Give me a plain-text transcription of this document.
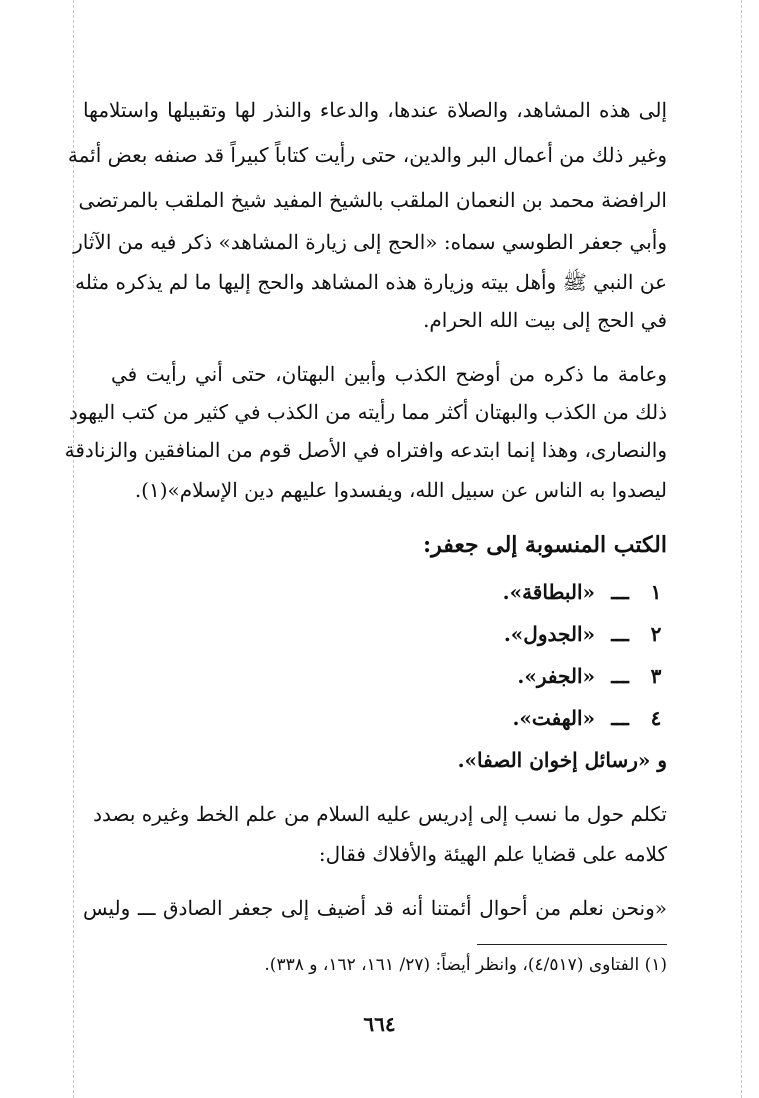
إلى هذه المشاهد، والصلاة عندها، والدعاء والنذر لها وتقبيلها واستلامها
وغير ذلك من أعمال البر والدين، حتى رأيت كتاباً كبيراً قد صنفه بعض أئمة
الرافضة محمد بن النعمان الملقب بالشيخ المفيد شيخ الملقب بالمرتضى
وأبي جعفر الطوسي سماه: «الحج إلى زيارة المشاهد» ذكر فيه من الآثار
عن النبي ﷺ وأهل بيته وزيارة هذه المشاهد والحج إليها ما لم يذكره مثله
في الحج إلى بيت الله الحرام.
وعامة ما ذكره من أوضح الكذب وأبين البهتان، حتى أني رأيت في
ذلك من الكذب والبهتان أكثر مما رأيته من الكذب في كثير من كتب اليهود
والنصارى، وهذا إنما ابتدعه وافتراه في الأصل قوم من المنافقين والزنادقة
ليصدوا به الناس عن سبيل الله، ويفسدوا عليهم دين الإسلام»(١).
الكتب المنسوبة إلى جعفر:
١ ـــ «البطاقة».
٢ ـــ «الجدول».
٣ ـــ «الجفر».
٤ ـــ «الهفت».
و «رسائل إخوان الصفا».
تكلم حول ما نسب إلى إدريس عليه السلام من علم الخط وغيره بصدد
كلامه على قضايا علم الهيئة والأفلاك فقال:
«ونحن نعلم من أحوال أئمتنا أنه قد أضيف إلى جعفر الصادق ـــ وليس
(١) الفتاوى (٤/٥١٧)، وانظر أيضاً: (٢٧/ ١٦١، ١٦٢، و ٣٣٨).
٦٦٤
